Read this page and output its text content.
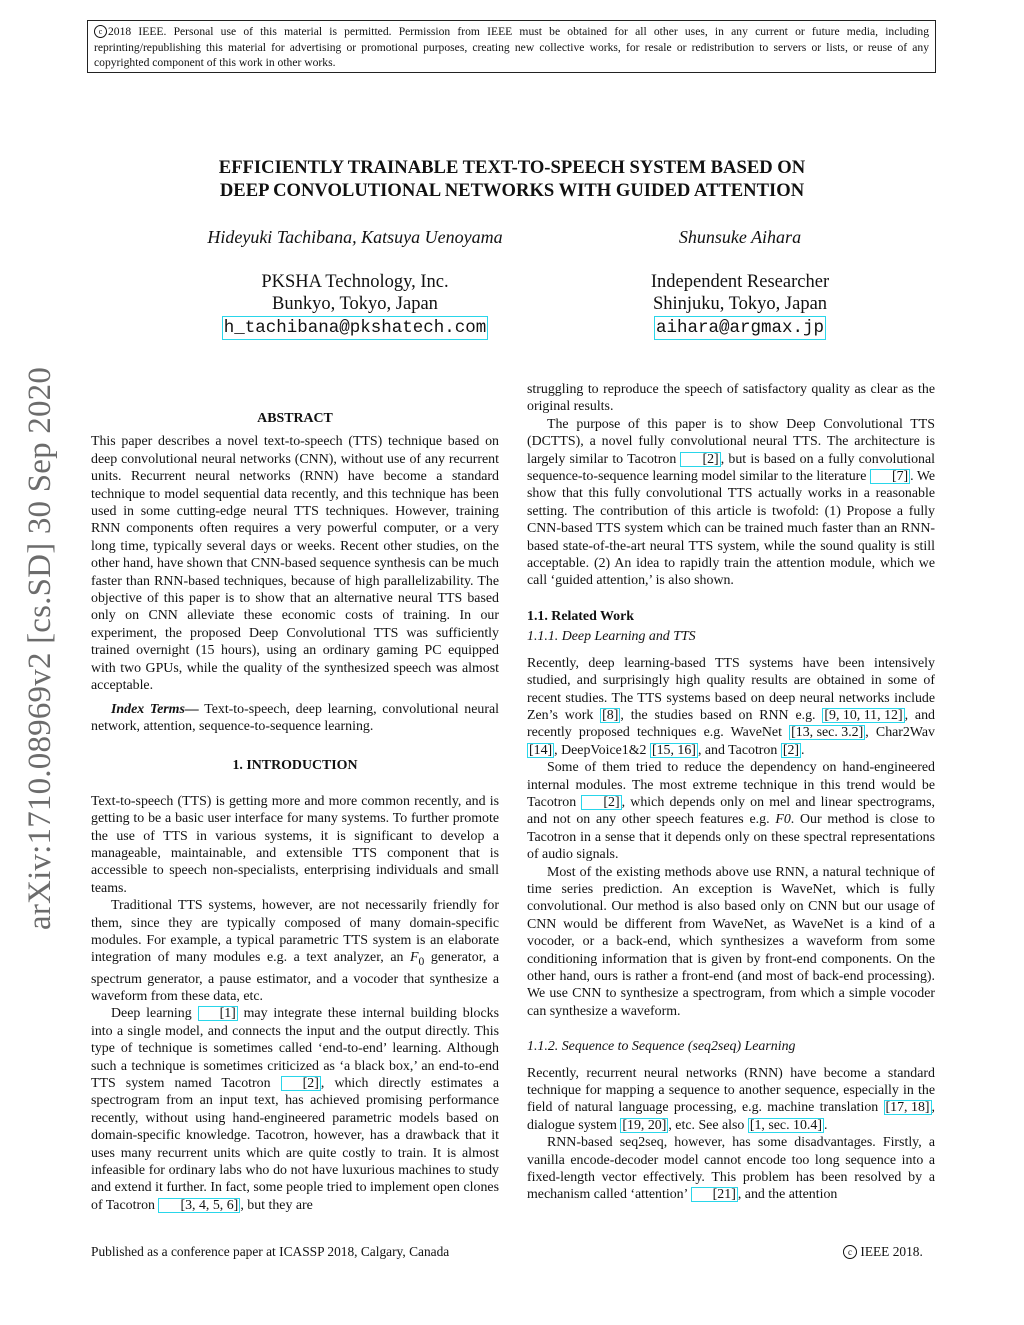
c 2018 IEEE. Personal use of this material is permitted. Permission from IEEE must be obtained for all other uses, in any current or future media, including reprinting/republishing this material for advertising or promotional purposes, creating new collective works, for resale or redistribution to servers or lists, or reuse of any copyrighted component of this work in other works.
arXiv:1710.08969v2 [cs.SD] 30 Sep 2020
EFFICIENTLY TRAINABLE TEXT-TO-SPEECH SYSTEM BASED ON
DEEP CONVOLUTIONAL NETWORKS WITH GUIDED ATTENTION
Hideyuki Tachibana, Katsuya Uenoyama
PKSHA Technology, Inc.
Bunkyo, Tokyo, Japan
h_tachibana@pkshatech.com
Shunsuke Aihara
Independent Researcher
Shinjuku, Tokyo, Japan
aihara@argmax.jp
ABSTRACT

This paper describes a novel text-to-speech (TTS) technique based on deep convolutional neural networks (CNN), without use of any recurrent units. Recurrent neural networks (RNN) have become a standard technique to model sequential data recently, and this technique has been used in some cutting-edge neural TTS techniques. However, training RNN components often requires a very powerful computer, or a very long time, typically several days or weeks. Recent other studies, on the other hand, have shown that CNN-based sequence synthesis can be much faster than RNN-based techniques, because of high parallelizability. The objective of this paper is to show that an alternative neural TTS based only on CNN alleviate these economic costs of training. In our experiment, the proposed Deep Convolutional TTS was sufficiently trained overnight (15 hours), using an ordinary gaming PC equipped with two GPUs, while the quality of the synthesized speech was almost acceptable.

Index Terms— Text-to-speech, deep learning, convolutional neural network, attention, sequence-to-sequence learning.

1. INTRODUCTION

Text-to-speech (TTS) is getting more and more common recently, and is getting to be a basic user interface for many systems. To further promote the use of TTS in various systems, it is significant to develop a manageable, maintainable, and extensible TTS component that is accessible to speech non-specialists, enterprising individuals and small teams.

Traditional TTS systems, however, are not necessarily friendly for them, since they are typically composed of many domain-specific modules. For example, a typical parametric TTS system is an elaborate integration of many modules e.g. a text analyzer, an $F_0$ generator, a spectrum generator, a pause estimator, and a vocoder that synthesize a waveform from these data, etc.

Deep learning [1] may integrate these internal building blocks into a single model, and connects the input and the output directly. This type of technique is sometimes called ‘end-to-end’ learning. Although such a technique is sometimes criticized as ‘a black box,’ an end-to-end TTS system named Tacotron [2] , which directly estimates a spectrogram from an input text, has achieved promising performance recently, without using hand-engineered parametric models based on domain-specific knowledge. Tacotron, however, has a drawback that it uses many recurrent units which are quite costly to train. It is almost infeasible for ordinary labs who do not have luxurious machines to study and extend it further. In fact, some people tried to implement open clones of Tacotron [3, 4, 5, 6] , but they are

struggling to reproduce the speech of satisfactory quality as clear as the original results.

The purpose of this paper is to show Deep Convolutional TTS (DCTTS), a novel fully convolutional neural TTS. The architecture is largely similar to Tacotron [2] , but is based on a fully convolutional sequence-to-sequence learning model similar to the literature [7] . We show that this fully convolutional TTS actually works in a reasonable setting. The contribution of this article is twofold: (1) Propose a fully CNN-based TTS system which can be trained much faster than an RNN-based state-of-the-art neural TTS system, while the sound quality is still acceptable. (2) An idea to rapidly train the attention module, which we call ‘guided attention,’ is also shown.

1.1. Related Work
1.1.1. Deep Learning and TTS

Recently, deep learning-based TTS systems have been intensively studied, and surprisingly high quality results are obtained in some of recent studies. The TTS systems based on deep neural networks include Zen’s work [8] , the studies based on RNN e.g. [9, 10, 11, 12] , and recently proposed techniques e.g. WaveNet [13, sec. 3.2] , Char2Wav [14] , DeepVoice1&2 [15, 16] , and Tacotron [2] .

Some of them tried to reduce the dependency on hand-engineered internal modules. The most extreme technique in this trend would be Tacotron [2] , which depends only on mel and linear spectrograms, and not on any other speech features e.g. F0. Our method is close to Tacotron in a sense that it depends only on these spectral representations of audio signals.

Most of the existing methods above use RNN, a natural technique of time series prediction. An exception is WaveNet, which is fully convolutional. Our method is also based only on CNN but our usage of CNN would be different from WaveNet, as WaveNet is a kind of a vocoder, or a back-end, which synthesizes a waveform from some conditioning information that is given by front-end components. On the other hand, ours is rather a front-end (and most of back-end processing). We use CNN to synthesize a spectrogram, from which a simple vocoder can synthesize a waveform.

1.1.2. Sequence to Sequence (seq2seq) Learning

Recently, recurrent neural networks (RNN) have become a standard technique for mapping a sequence to another sequence, especially in the field of natural language processing, e.g. machine translation [17, 18] , dialogue system [19, 20] , etc. See also [1, sec. 10.4] .

RNN-based seq2seq, however, has some disadvantages. Firstly, a vanilla encode-decoder model cannot encode too long sequence into a fixed-length vector effectively. This problem has been resolved by a mechanism called ‘attention’ [21] , and the attention

Published as a conference paper at ICASSP 2018, Calgary, Canada	c IEEE 2018.
